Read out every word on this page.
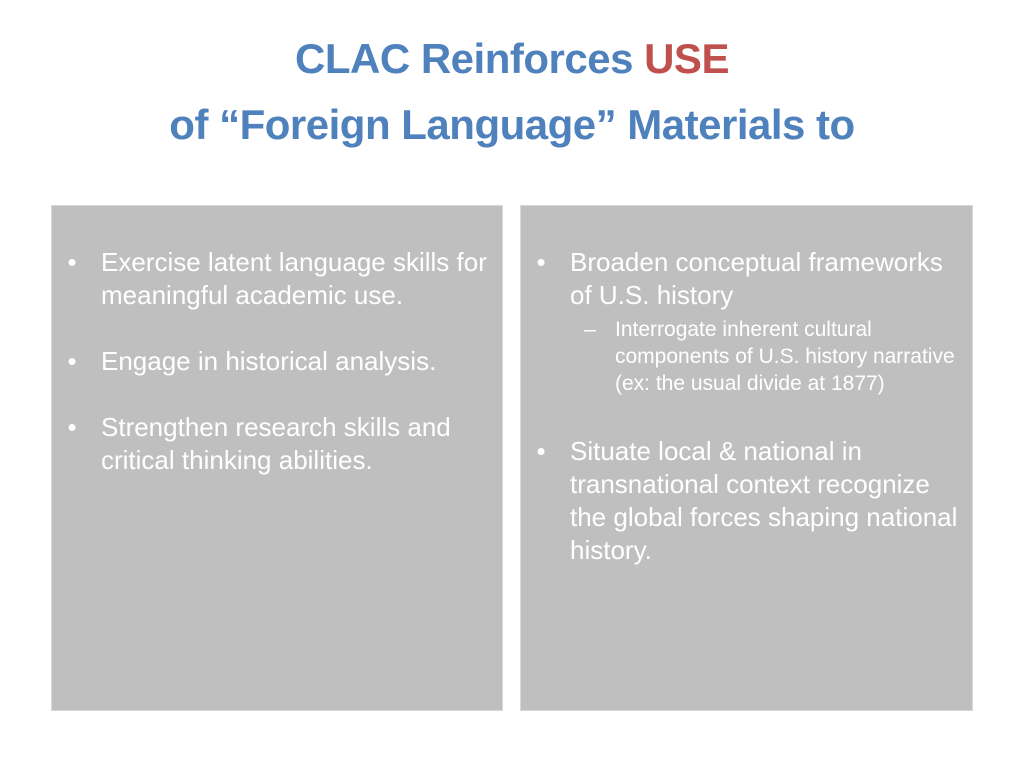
CLAC Reinforces USE
of “Foreign Language” Materials to
• Exercise latent language skills for meaningful academic use.
• Engage in historical analysis.
• Strengthen research skills and critical thinking abilities.
• Broaden conceptual frameworks of U.S. history
– Interrogate inherent cultural components of U.S. history narrative (ex: the usual divide at 1877)
• Situate local & national in transnational context recognize the global forces shaping national history.
